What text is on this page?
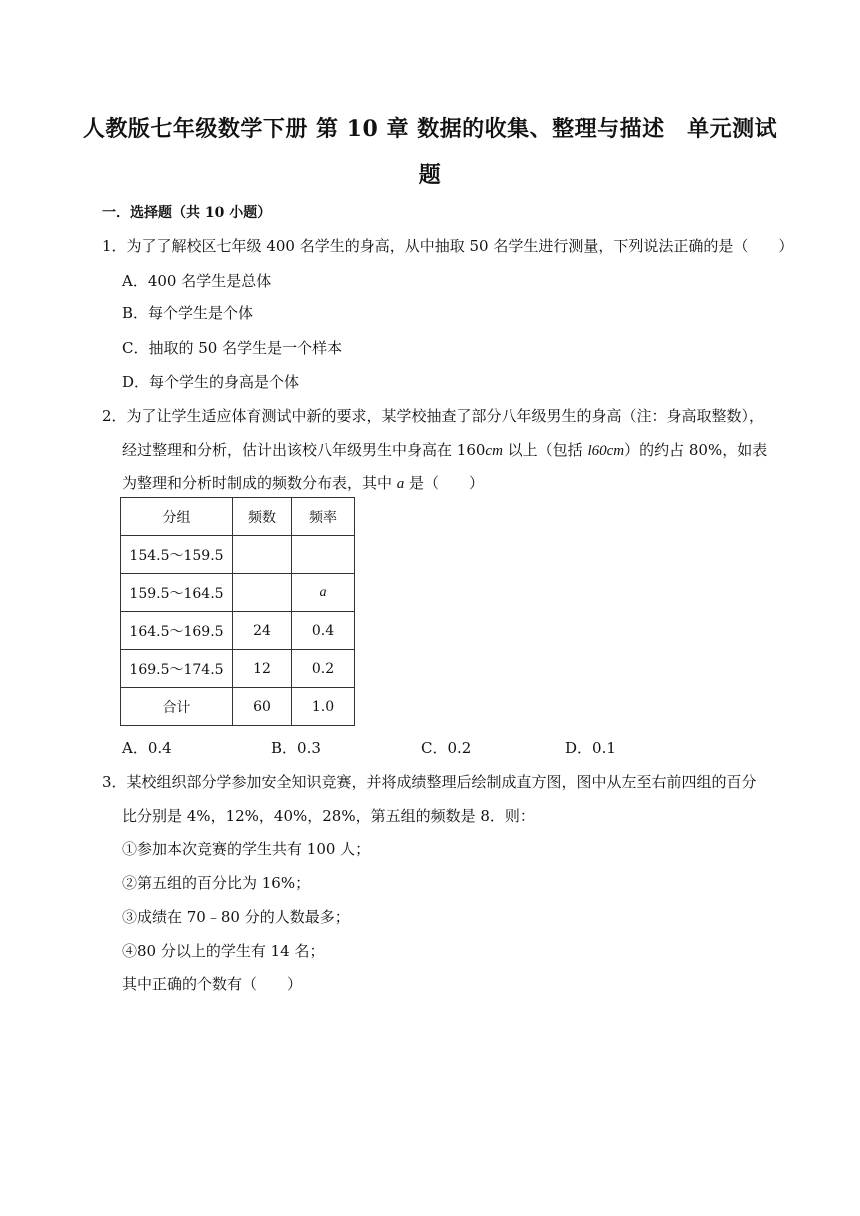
人教版七年级数学下册 第 10 章 数据的收集、整理与描述　单元测试
题
一．选择题（共 10 小题）
1．为了了解校区七年级 400 名学生的身高，从中抽取 50 名学生进行测量，下列说法正确的是（　　）
A．400 名学生是总体
B．每个学生是个体
C．抽取的 50 名学生是一个样本
D．每个学生的身高是个体
2．为了让学生适应体育测试中新的要求，某学校抽查了部分八年级男生的身高（注：身高取整数），
经过整理和分析，估计出该校八年级男生中身高在 160cm 以上（包括 l60cm）的约占 80%，如表
为整理和分析时制成的频数分布表，其中 a 是（　　）
分组	频数	频率
154.5～159.5		
159.5～164.5		a
164.5～169.5	24	0.4
169.5～174.5	12	0.2
合计	60	1.0
A．0.4	B．0.3	C．0.2	D．0.1
3．某校组织部分学参加安全知识竞赛，并将成绩整理后绘制成直方图，图中从左至右前四组的百分
比分别是 4%，12%，40%，28%，第五组的频数是 8．则：
①参加本次竞赛的学生共有 100 人；
②第五组的百分比为 16%；
③成绩在 70﹣80 分的人数最多；
④80 分以上的学生有 14 名；
其中正确的个数有（　　）
